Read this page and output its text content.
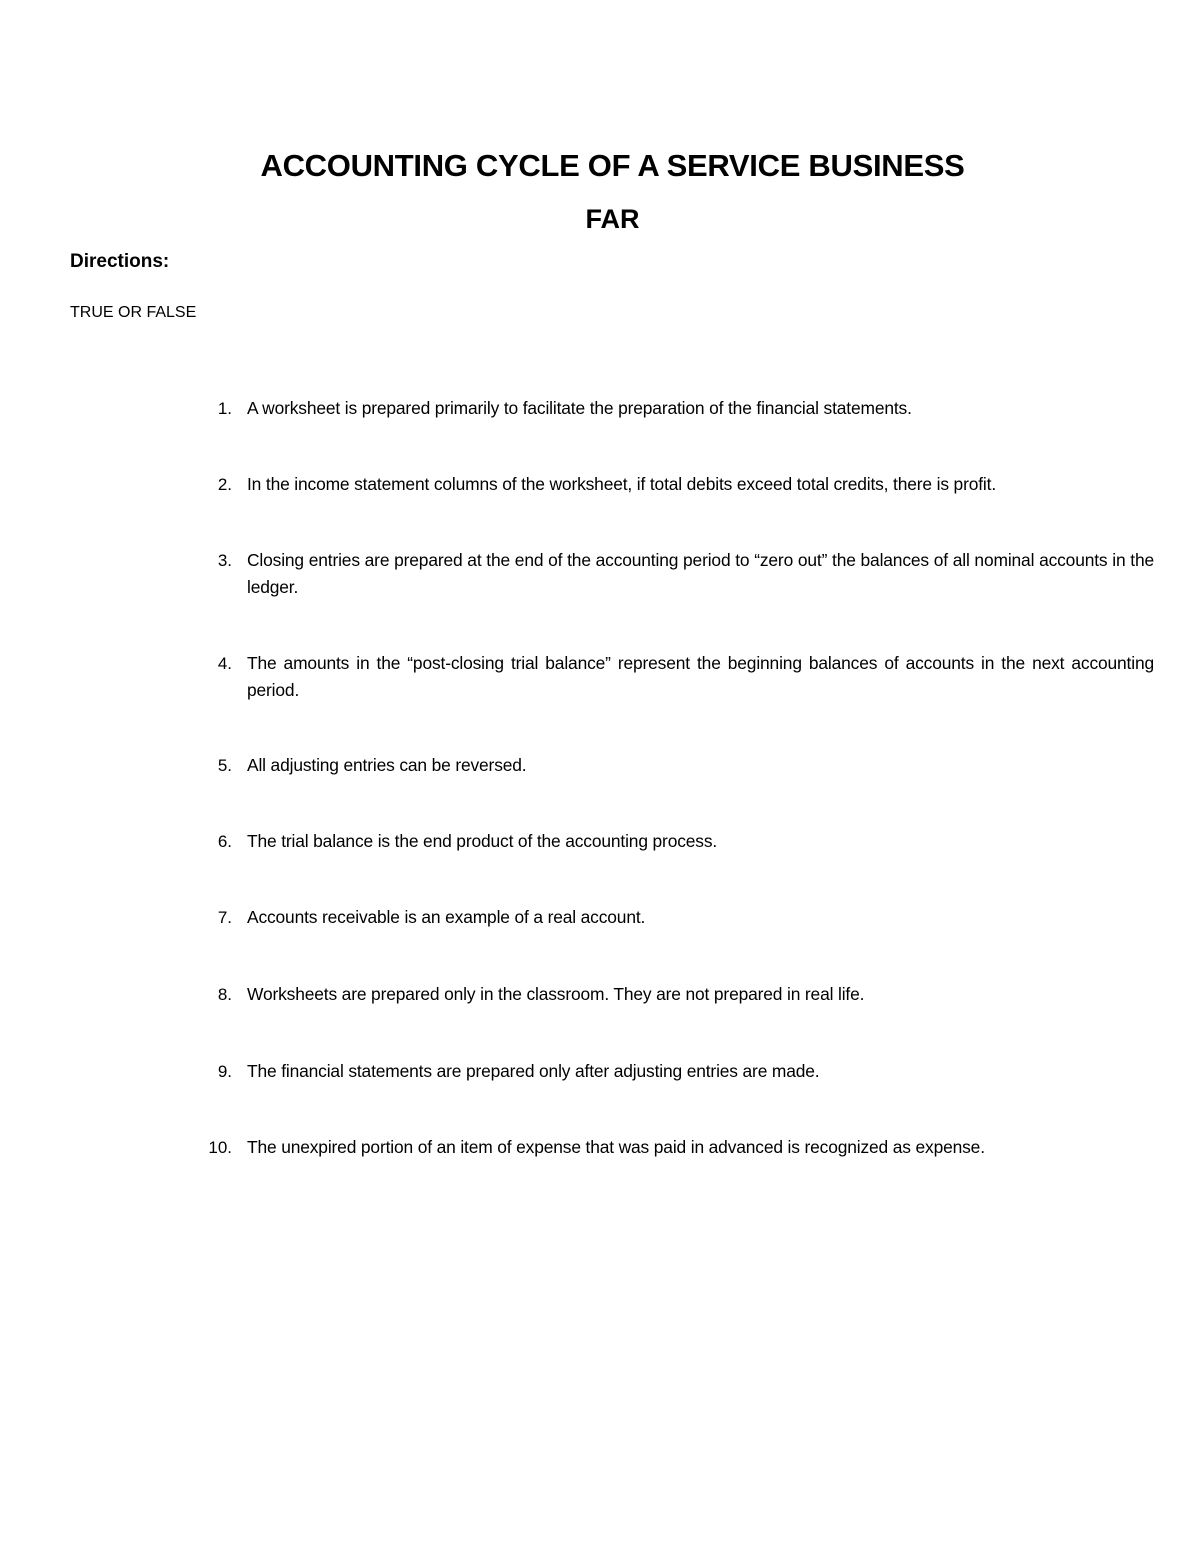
ACCOUNTING CYCLE OF A SERVICE BUSINESS
FAR
Directions:
TRUE OR FALSE
1. A worksheet is prepared primarily to facilitate the preparation of the financial statements.
2. In the income statement columns of the worksheet, if total debits exceed total credits, there is profit.
3. Closing entries are prepared at the end of the accounting period to “zero out” the balances of all nominal accounts in the ledger.
4. The amounts in the “post-closing trial balance” represent the beginning balances of accounts in the next accounting period.
5. All adjusting entries can be reversed.
6. The trial balance is the end product of the accounting process.
7. Accounts receivable is an example of a real account.
8. Worksheets are prepared only in the classroom. They are not prepared in real life.
9. The financial statements are prepared only after adjusting entries are made.
10. The unexpired portion of an item of expense that was paid in advanced is recognized as expense.
